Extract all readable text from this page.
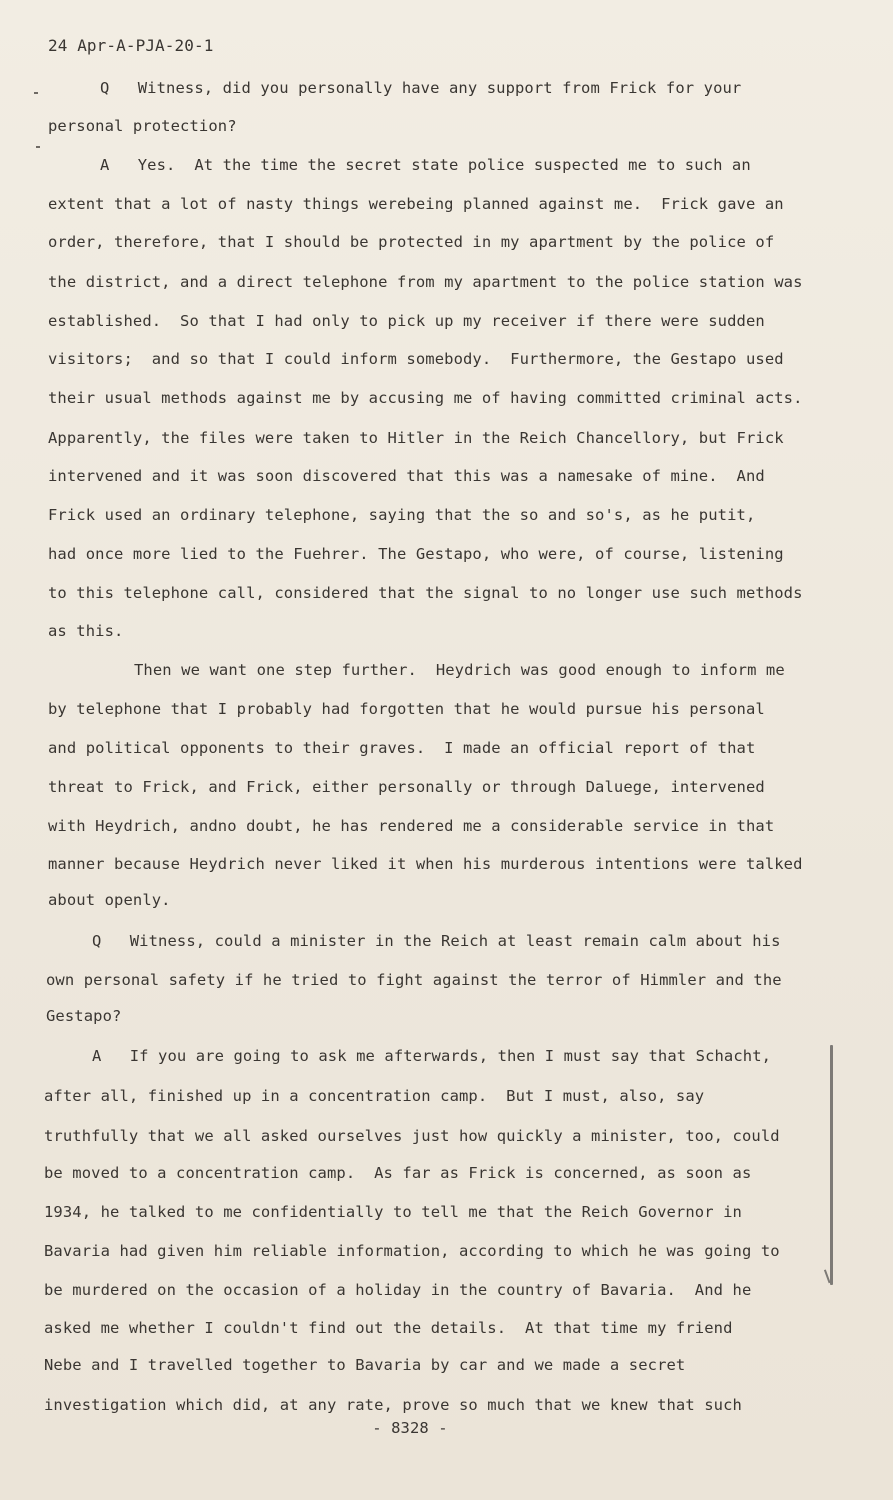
24 Apr-A-PJA-20-1
Q   Witness, did you personally have any support from Frick for your
personal protection?
A   Yes.  At the time the secret state police suspected me to such an
extent that a lot of nasty things werebeing planned against me.  Frick gave an
order, therefore, that I should be protected in my apartment by the police of
the district, and a direct telephone from my apartment to the police station was
established.  So that I had only to pick up my receiver if there were sudden
visitors;  and so that I could inform somebody.  Furthermore, the Gestapo used
their usual methods against me by accusing me of having committed criminal acts.
Apparently, the files were taken to Hitler in the Reich Chancellory, but Frick
intervened and it was soon discovered that this was a namesake of mine.  And
Frick used an ordinary telephone, saying that the so and so's, as he putit,
had once more lied to the Fuehrer. The Gestapo, who were, of course, listening
to this telephone call, considered that the signal to no longer use such methods
as this.
Then we want one step further.  Heydrich was good enough to inform me
by telephone that I probably had forgotten that he would pursue his personal
and political opponents to their graves.  I made an official report of that
threat to Frick, and Frick, either personally or through Daluege, intervened
with Heydrich, andno doubt, he has rendered me a considerable service in that
manner because Heydrich never liked it when his murderous intentions were talked
about openly.
Q   Witness, could a minister in the Reich at least remain calm about his
own personal safety if he tried to fight against the terror of Himmler and the
Gestapo?
A   If you are going to ask me afterwards, then I must say that Schacht,
after all, finished up in a concentration camp.  But I must, also, say
truthfully that we all asked ourselves just how quickly a minister, too, could
be moved to a concentration camp.  As far as Frick is concerned, as soon as
1934, he talked to me confidentially to tell me that the Reich Governor in
Bavaria had given him reliable information, according to which he was going to
be murdered on the occasion of a holiday in the country of Bavaria.  And he
asked me whether I couldn't find out the details.  At that time my friend
Nebe and I travelled together to Bavaria by car and we made a secret
investigation which did, at any rate, prove so much that we knew that such
- 8328 -
